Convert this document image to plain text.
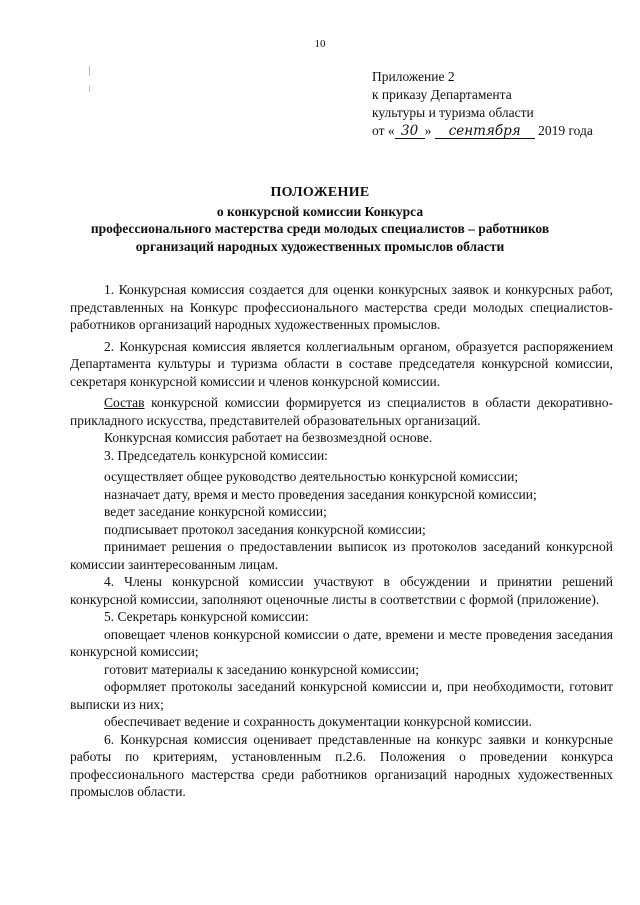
10
Приложение 2
к приказу Департамента
культуры и туризма области
от « 30 » сентября 2019 года
ПОЛОЖЕНИЕ
о конкурсной комиссии Конкурса
профессионального мастерства среди молодых специалистов – работников
организаций народных художественных промыслов области

1. Конкурсная комиссия создается для оценки конкурсных заявок и конкурсных работ, представленных на Конкурс профессионального мастерства среди молодых специалистов-работников организаций народных художественных промыслов.

2. Конкурсная комиссия является коллегиальным органом, образуется распоряжением Департамента культуры и туризма области в составе председателя конкурсной комиссии, секретаря конкурсной комиссии и членов конкурсной комиссии.

Состав конкурсной комиссии формируется из специалистов в области декоративно-прикладного искусства, представителей образовательных организаций.

Конкурсная комиссия работает на безвозмездной основе.

3. Председатель конкурсной комиссии:

осуществляет общее руководство деятельностью конкурсной комиссии;

назначает дату, время и место проведения заседания конкурсной комиссии;

ведет заседание конкурсной комиссии;

подписывает протокол заседания конкурсной комиссии;

принимает решения о предоставлении выписок из протоколов заседаний конкурсной комиссии заинтересованным лицам.

4. Члены конкурсной комиссии участвуют в обсуждении и принятии решений конкурсной комиссии, заполняют оценочные листы в соответствии с формой (приложение).

5. Секретарь конкурсной комиссии:

оповещает членов конкурсной комиссии о дате, времени и месте проведения заседания конкурсной комиссии;

готовит материалы к заседанию конкурсной комиссии;

оформляет протоколы заседаний конкурсной комиссии и, при необходимости, готовит выписки из них;

обеспечивает ведение и сохранность документации конкурсной комиссии.

6. Конкурсная комиссия оценивает представленные на конкурс заявки и конкурсные работы по критериям, установленным п.2.6. Положения о проведении конкурса профессионального мастерства среди работников организаций народных художественных промыслов области.
